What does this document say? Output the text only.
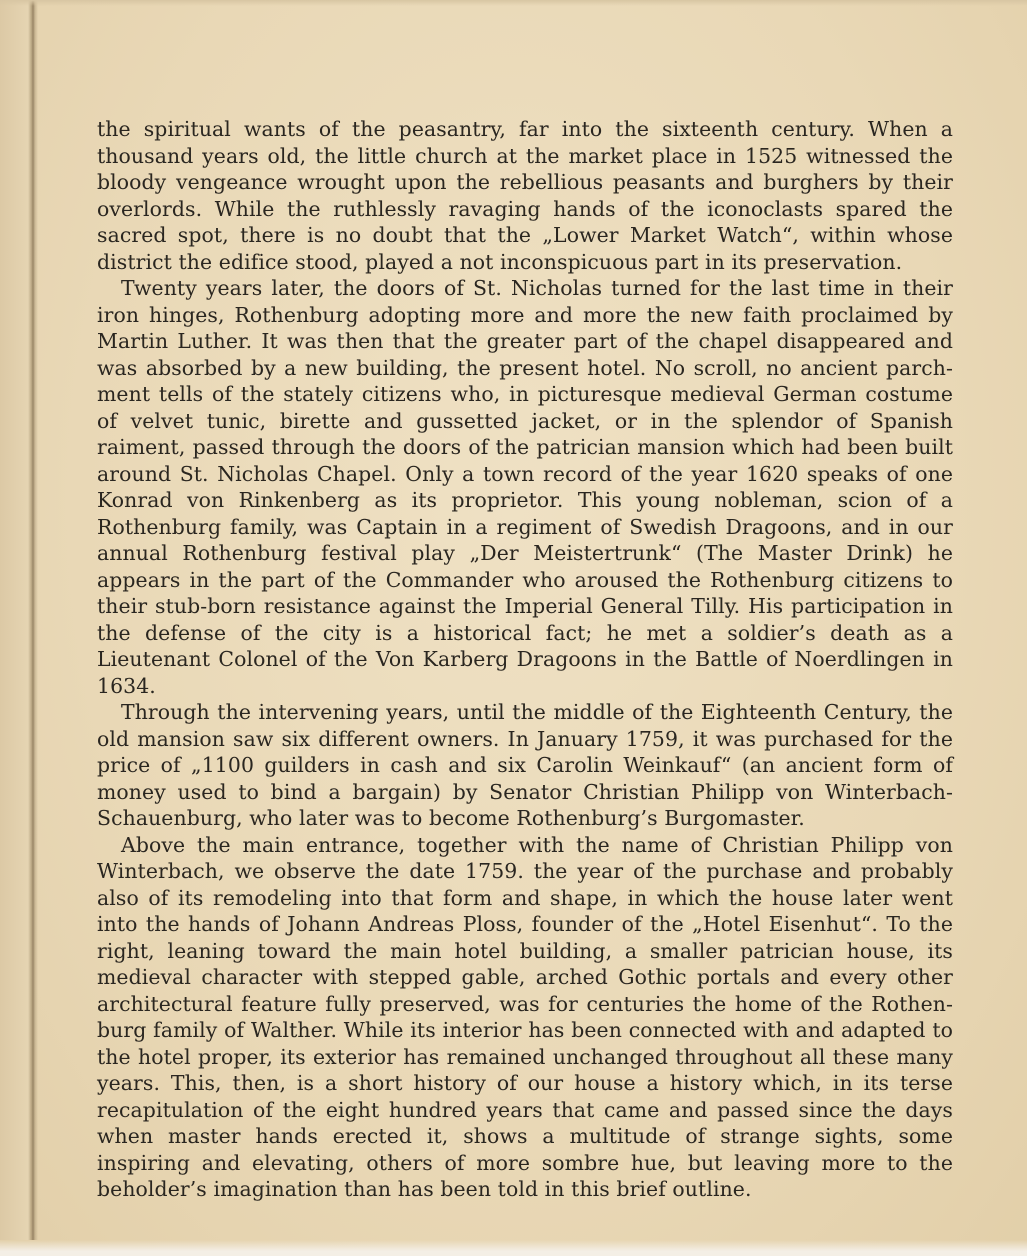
the spiritual wants of the peasantry, far into the sixteenth century. When a thousand years old, the little church at the market place in 1525 witnessed the bloody vengeance wrought upon the rebellious peasants and burghers by their overlords. While the ruthlessly ravaging hands of the iconoclasts spared the sacred spot, there is no doubt that the „Lower Market Watch“, within whose district the edifice stood, played a not inconspicuous part in its preservation.

Twenty years later, the doors of St. Nicholas turned for the last time in their iron hinges, Rothenburg adopting more and more the new faith proclaimed by Martin Luther. It was then that the greater part of the chapel disappeared and was absorbed by a new building, the present hotel. No scroll, no ancient parch-ment tells of the stately citizens who, in picturesque medieval German costume of velvet tunic, birette and gussetted jacket, or in the splendor of Spanish raiment, passed through the doors of the patrician mansion which had been built around St. Nicholas Chapel. Only a town record of the year 1620 speaks of one Konrad von Rinkenberg as its proprietor. This young nobleman, scion of a Rothenburg family, was Captain in a regiment of Swedish Dragoons, and in our annual Rothenburg festival play „Der Meistertrunk“ (The Master Drink) he appears in the part of the Commander who aroused the Rothenburg citizens to their stub-born resistance against the Imperial General Tilly. His participation in the defense of the city is a historical fact; he met a soldier’s death as a Lieutenant Colonel of the Von Karberg Dragoons in the Battle of Noerdlingen in 1634.

Through the intervening years, until the middle of the Eighteenth Century, the old mansion saw six different owners. In January 1759, it was purchased for the price of „1100 guilders in cash and six Carolin Weinkauf“ (an ancient form of money used to bind a bargain) by Senator Christian Philipp von Winterbach-Schauenburg, who later was to become Rothenburg’s Burgomaster.

Above the main entrance, together with the name of Christian Philipp von Winterbach, we observe the date 1759. the year of the purchase and probably also of its remodeling into that form and shape, in which the house later went into the hands of Johann Andreas Ploss, founder of the „Hotel Eisenhut“. To the right, leaning toward the main hotel building, a smaller patrician house, its medieval character with stepped gable, arched Gothic portals and every other architectural feature fully preserved, was for centuries the home of the Rothen-burg family of Walther. While its interior has been connected with and adapted to the hotel proper, its exterior has remained unchanged throughout all these many years. This, then, is a short history of our house a history which, in its terse recapitulation of the eight hundred years that came and passed since the days when master hands erected it, shows a multitude of strange sights, some inspiring and elevating, others of more sombre hue, but leaving more to the beholder’s imagination than has been told in this brief outline.
